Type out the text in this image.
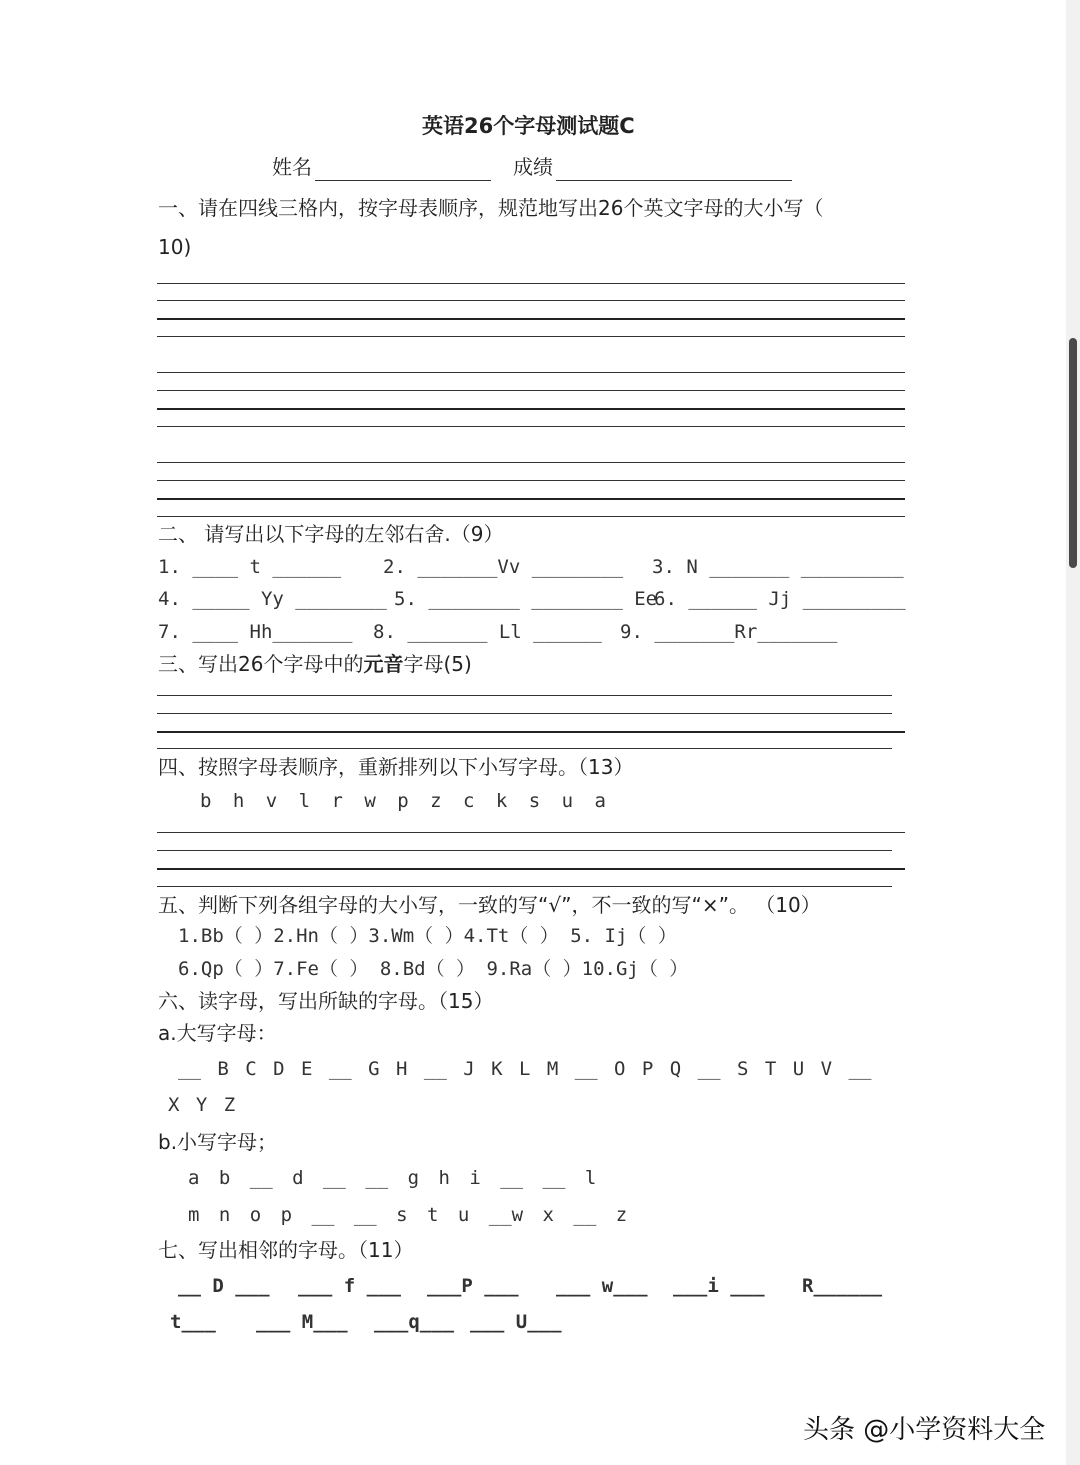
英语26个字母测试题C
姓名	成绩
一、请在四线三格内，按字母表顺序，规范地写出26个英文字母的大小写（
10)
二、 请写出以下字母的左邻右舍.（9）
1. ____ t ______ 2. _______Vv ________ 3. N _______ _________
4. _____ Yy ________ 5. ________ ________ Ee
6. ______ Jj _________
7. ____ Hh_______ 8. _______ Ll ______ 9. _______Rr_______
三、写出26个字母中的元音字母(5)
四、按照字母表顺序，重新排列以下小写字母。（13）
b h v l r w p z c k s u a
五、判断下列各组字母的大小写，一致的写“√”，不一致的写“×”。 （10）
1.Bb（ ）2.Hn（ ）3.Wm（ ）4.Tt（ ） 5. Ij（ ）
6.Qp（ ）7.Fe（ ） 8.Bd（ ） 9.Ra（ ）10.Gj（ ）
六、读字母，写出所缺的字母。（15）
a.大写字母：
__ B C D E __ G H __ J K L M __ O P Q __ S T U V __
X Y Z
b.小写字母；
a b __ d __ __ g h i __ __ l
m n o p __ __ s t u __w x __ z
七、写出相邻的字母。（11）
__ D ___ ___ f ___ ___P ___ ___ w___ ___i ___ R______
t___ ___ M___ ___q___ ___ U___
头条 @小学资料大全
